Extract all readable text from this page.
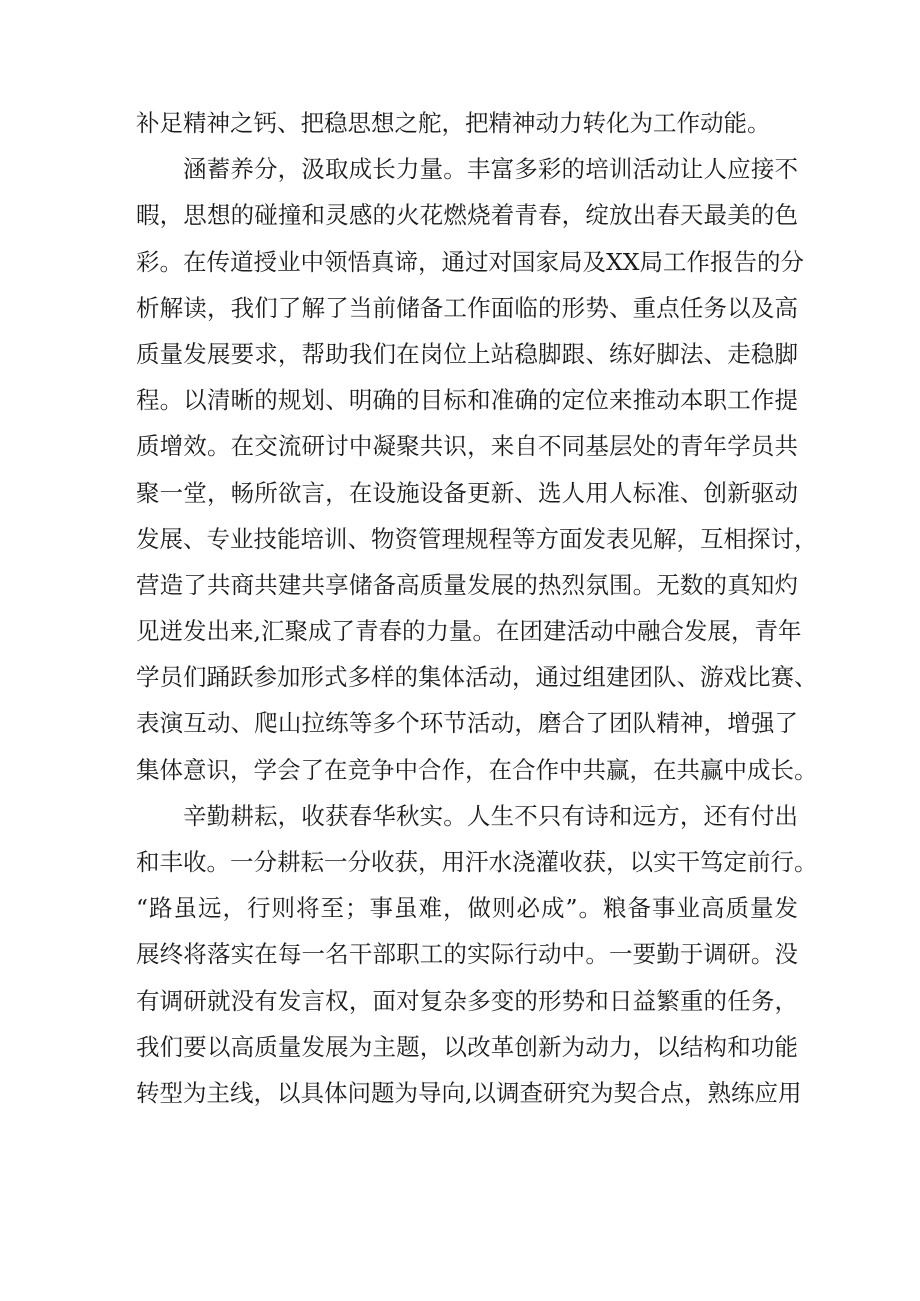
补足精神之钙、把稳思想之舵，把精神动力转化为工作动能。
涵蓄养分，汲取成长力量。丰富多彩的培训活动让人应接不
暇，思想的碰撞和灵感的火花燃烧着青春，绽放出春天最美的色
彩。在传道授业中领悟真谛，通过对国家局及XX局工作报告的分
析解读，我们了解了当前储备工作面临的形势、重点任务以及高
质量发展要求，帮助我们在岗位上站稳脚跟、练好脚法、走稳脚
程。以清晰的规划、明确的目标和准确的定位来推动本职工作提
质增效。在交流研讨中凝聚共识，来自不同基层处的青年学员共
聚一堂，畅所欲言，在设施设备更新、选人用人标准、创新驱动
发展、专业技能培训、物资管理规程等方面发表见解，互相探讨，
营造了共商共建共享储备高质量发展的热烈氛围。无数的真知灼
见迸发出来,汇聚成了青春的力量。在团建活动中融合发展，青年
学员们踊跃参加形式多样的集体活动，通过组建团队、游戏比赛、
表演互动、爬山拉练等多个环节活动，磨合了团队精神，增强了
集体意识，学会了在竞争中合作，在合作中共赢，在共赢中成长。
辛勤耕耘，收获春华秋实。人生不只有诗和远方，还有付出
和丰收。一分耕耘一分收获，用汗水浇灌收获，以实干笃定前行。
“路虽远，行则将至；事虽难，做则必成”。粮备事业高质量发
展终将落实在每一名干部职工的实际行动中。一要勤于调研。没
有调研就没有发言权，面对复杂多变的形势和日益繁重的任务，
我们要以高质量发展为主题，以改革创新为动力，以结构和功能
转型为主线，以具体问题为导向,以调查研究为契合点，熟练应用
